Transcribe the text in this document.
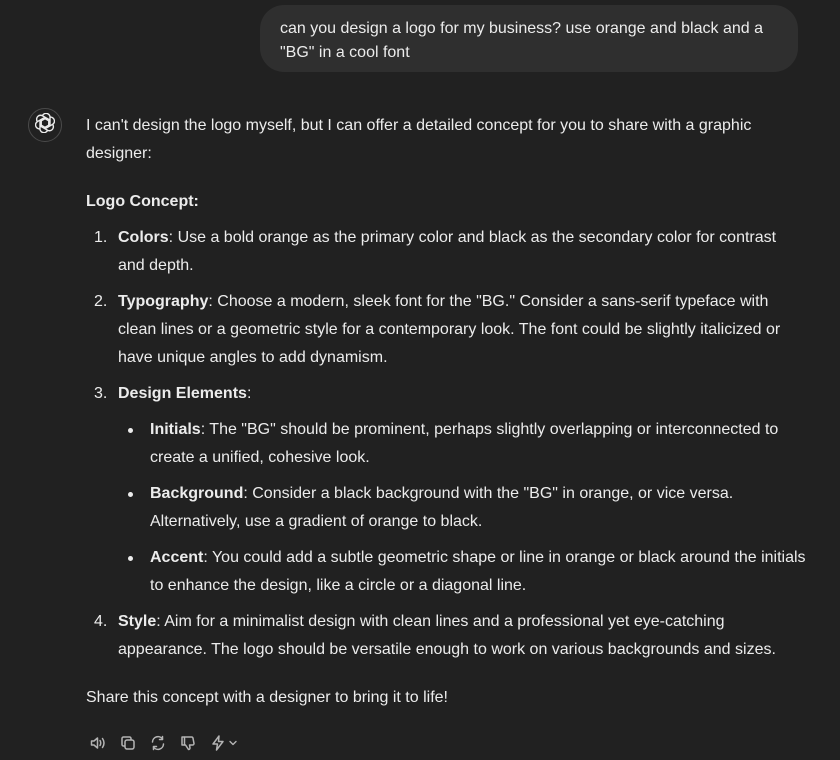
can you design a logo for my business? use orange and black and a "BG" in a cool font

I can't design the logo myself, but I can offer a detailed concept for you to share with a graphic designer:

Logo Concept:

1. Colors: Use a bold orange as the primary color and black as the secondary color for contrast and depth.
2. Typography: Choose a modern, sleek font for the "BG." Consider a sans-serif typeface with clean lines or a geometric style for a contemporary look. The font could be slightly italicized or have unique angles to add dynamism.
3. Design Elements:
Initials: The "BG" should be prominent, perhaps slightly overlapping or interconnected to create a unified, cohesive look.
Background: Consider a black background with the "BG" in orange, or vice versa. Alternatively, use a gradient of orange to black.
Accent: You could add a subtle geometric shape or line in orange or black around the initials to enhance the design, like a circle or a diagonal line.
4. Style: Aim for a minimalist design with clean lines and a professional yet eye-catching appearance. The logo should be versatile enough to work on various backgrounds and sizes.

Share this concept with a designer to bring it to life!
